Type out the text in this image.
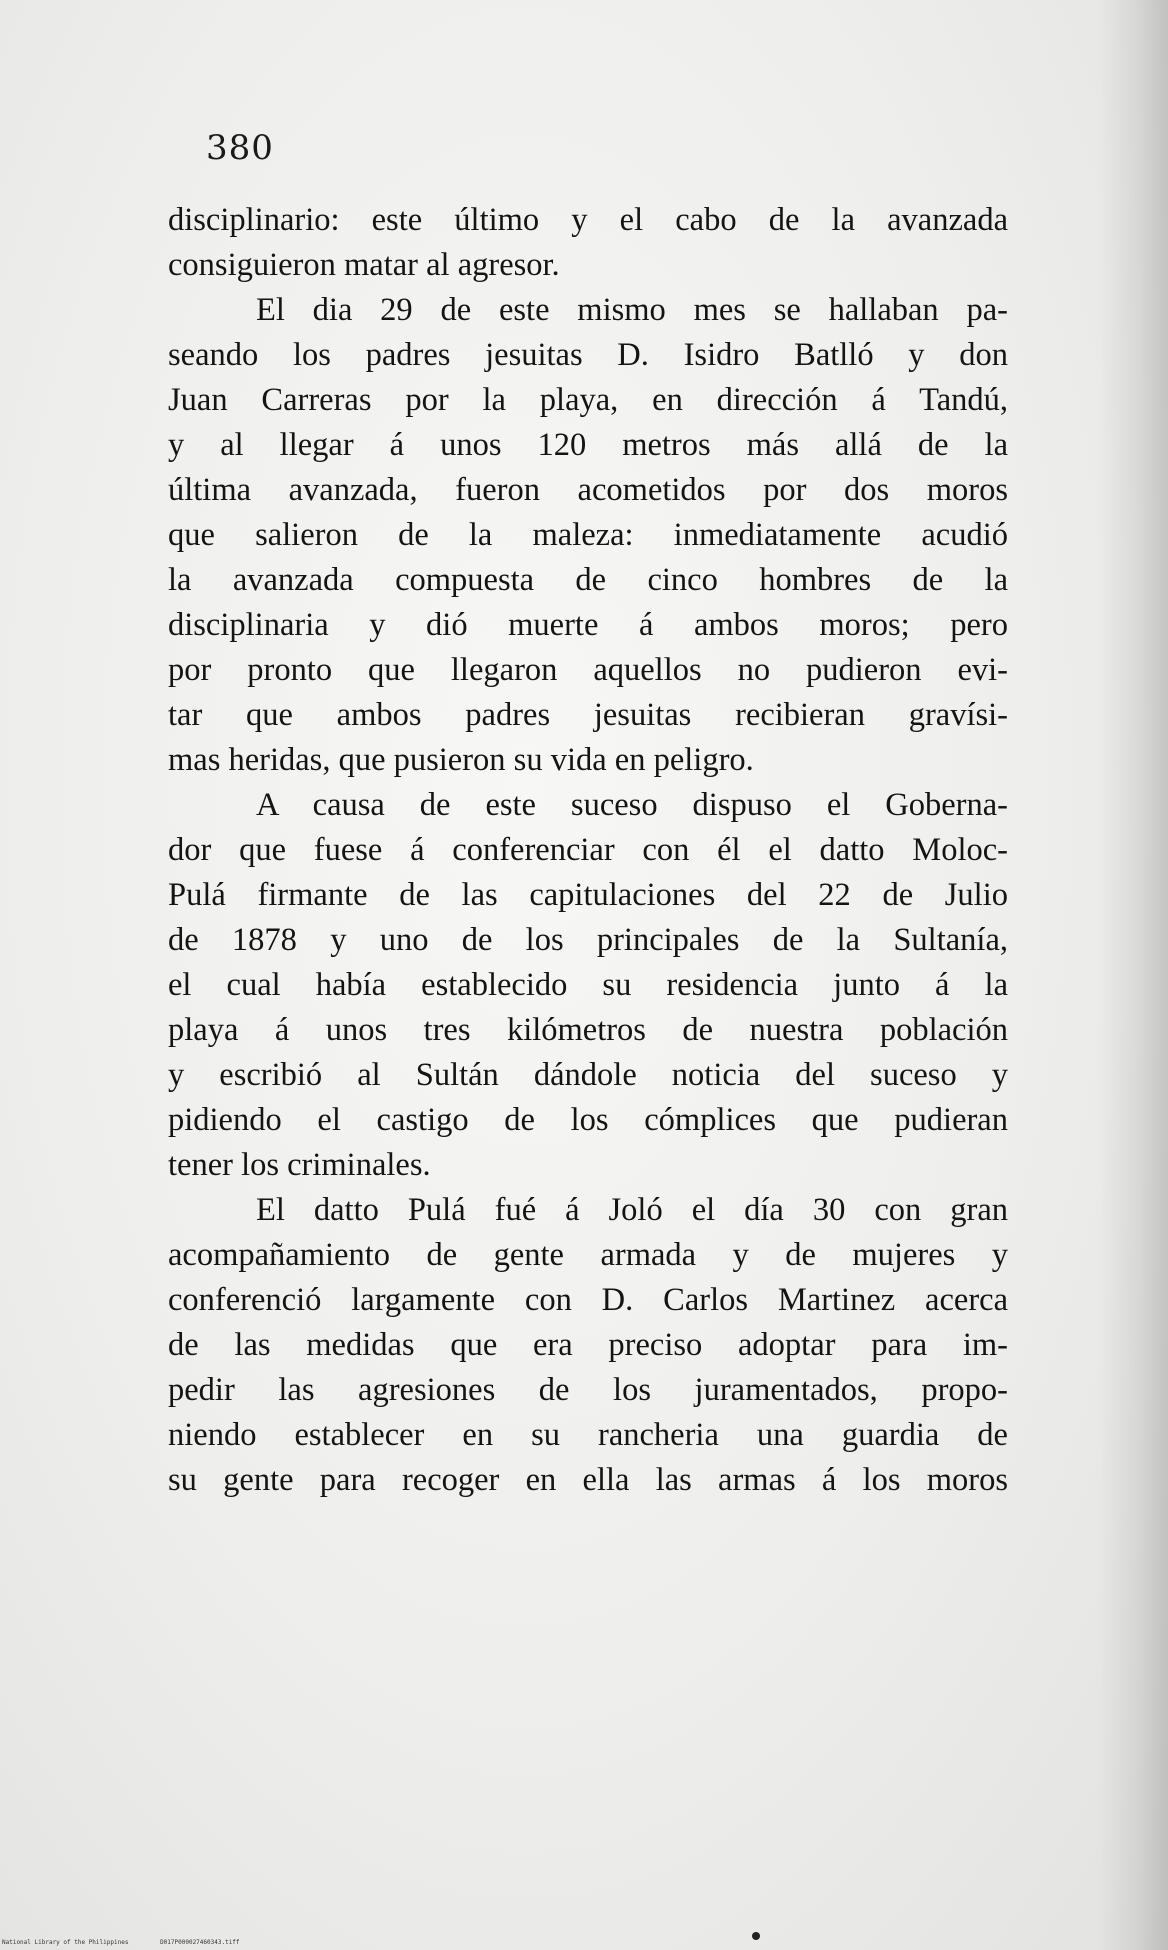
380
disciplinario: este último y el cabo de la avanzada
consiguieron matar al agresor.
El dia 29 de este mismo mes se hallaban pa-
seando los padres jesuitas D. Isidro Batlló y don
Juan Carreras por la playa, en dirección á Tandú,
y al llegar á unos 120 metros más allá de la
última avanzada, fueron acometidos por dos moros
que salieron de la maleza: inmediatamente acudió
la avanzada compuesta de cinco hombres de la
disciplinaria y dió muerte á ambos moros; pero
por pronto que llegaron aquellos no pudieron evi-
tar que ambos padres jesuitas recibieran gravísi-
mas heridas, que pusieron su vida en peligro.
A causa de este suceso dispuso el Goberna-
dor que fuese á conferenciar con él el datto Moloc-
Pulá firmante de las capitulaciones del 22 de Julio
de 1878 y uno de los principales de la Sultanía,
el cual había establecido su residencia junto á la
playa á unos tres kilómetros de nuestra población
y escribió al Sultán dándole noticia del suceso y
pidiendo el castigo de los cómplices que pudieran
tener los criminales.
El datto Pulá fué á Joló el día 30 con gran
acompañamiento de gente armada y de mujeres y
conferenció largamente con D. Carlos Martinez acerca
de las medidas que era preciso adoptar para im-
pedir las agresiones de los juramentados, propo-
niendo establecer en su rancheria una guardia de
su gente para recoger en ella las armas á los moros
National Library of the Philippines	D017P000027460343.tiff
